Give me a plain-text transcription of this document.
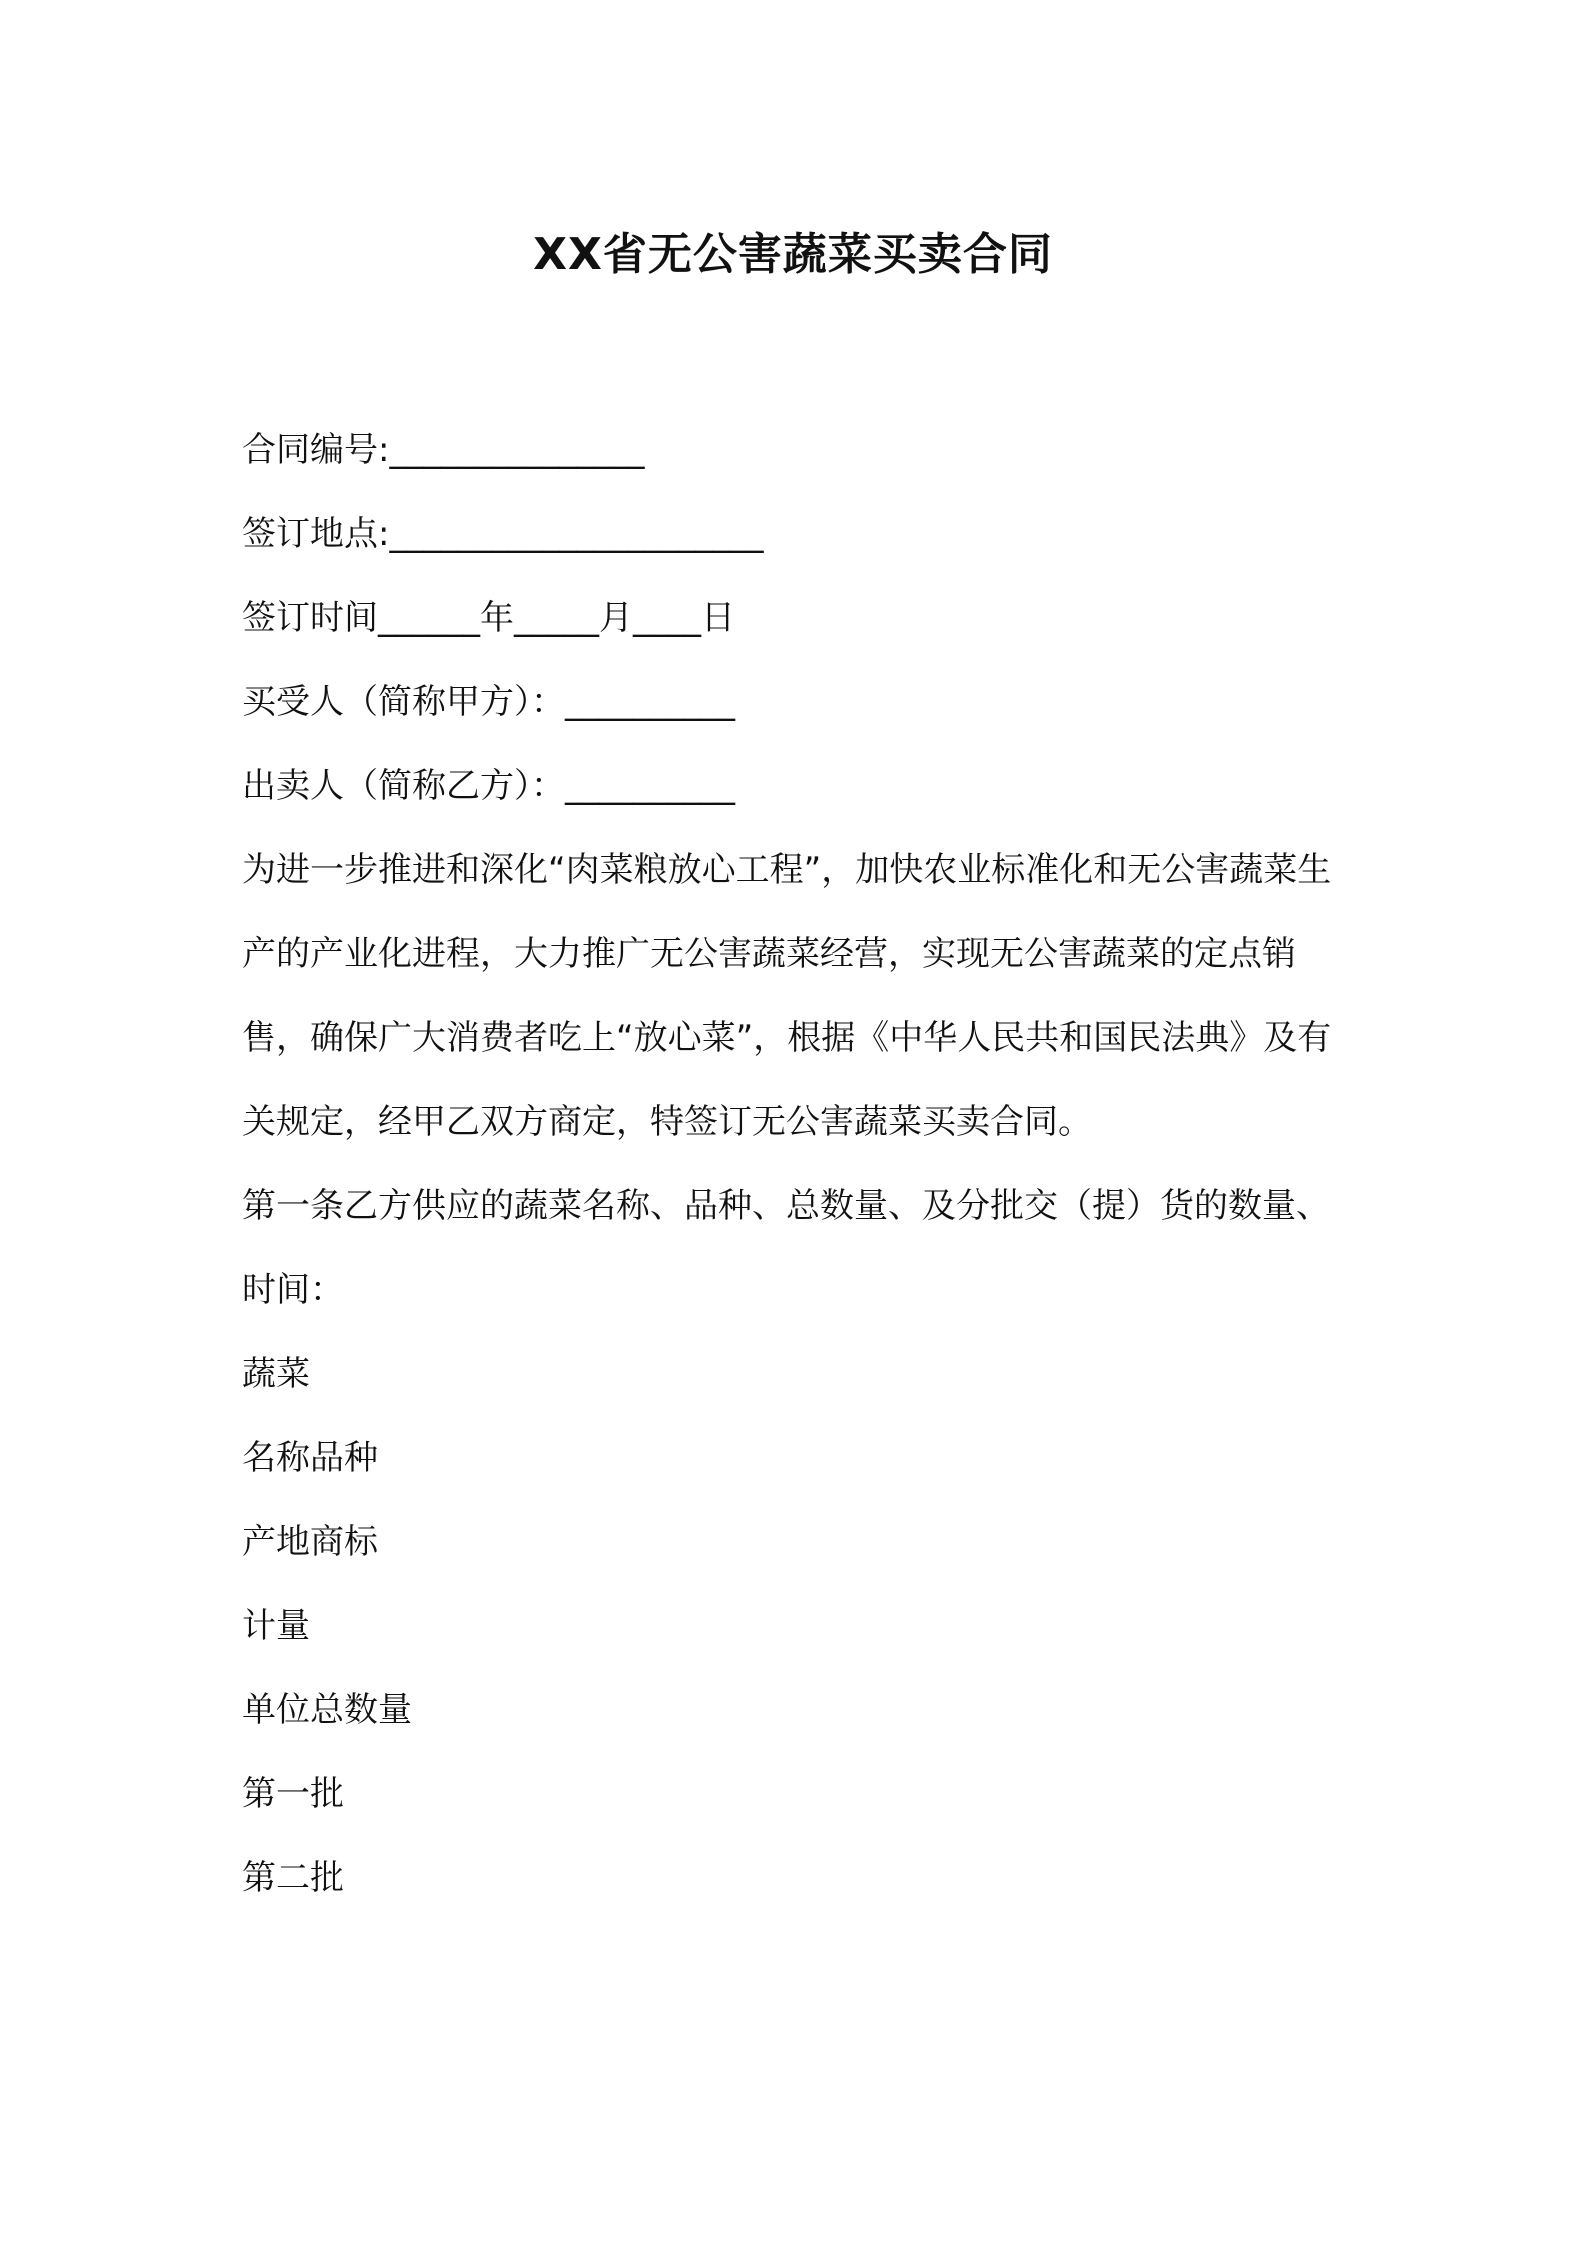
XX省无公害蔬菜买卖合同

合同编号:_______________

签订地点:______________________

签订时间______年_____月____日

买受人（简称甲方）：__________

出卖人（简称乙方）：__________

为进一步推进和深化“肉菜粮放心工程”，加快农业标准化和无公害蔬菜生产的产业化进程，大力推广无公害蔬菜经营，实现无公害蔬菜的定点销售，确保广大消费者吃上“放心菜”，根据《中华人民共和国民法典》及有关规定，经甲乙双方商定，特签订无公害蔬菜买卖合同。

第一条乙方供应的蔬菜名称、品种、总数量、及分批交（提）货的数量、时间：

蔬菜

名称品种

产地商标

计量

单位总数量

第一批

第二批
